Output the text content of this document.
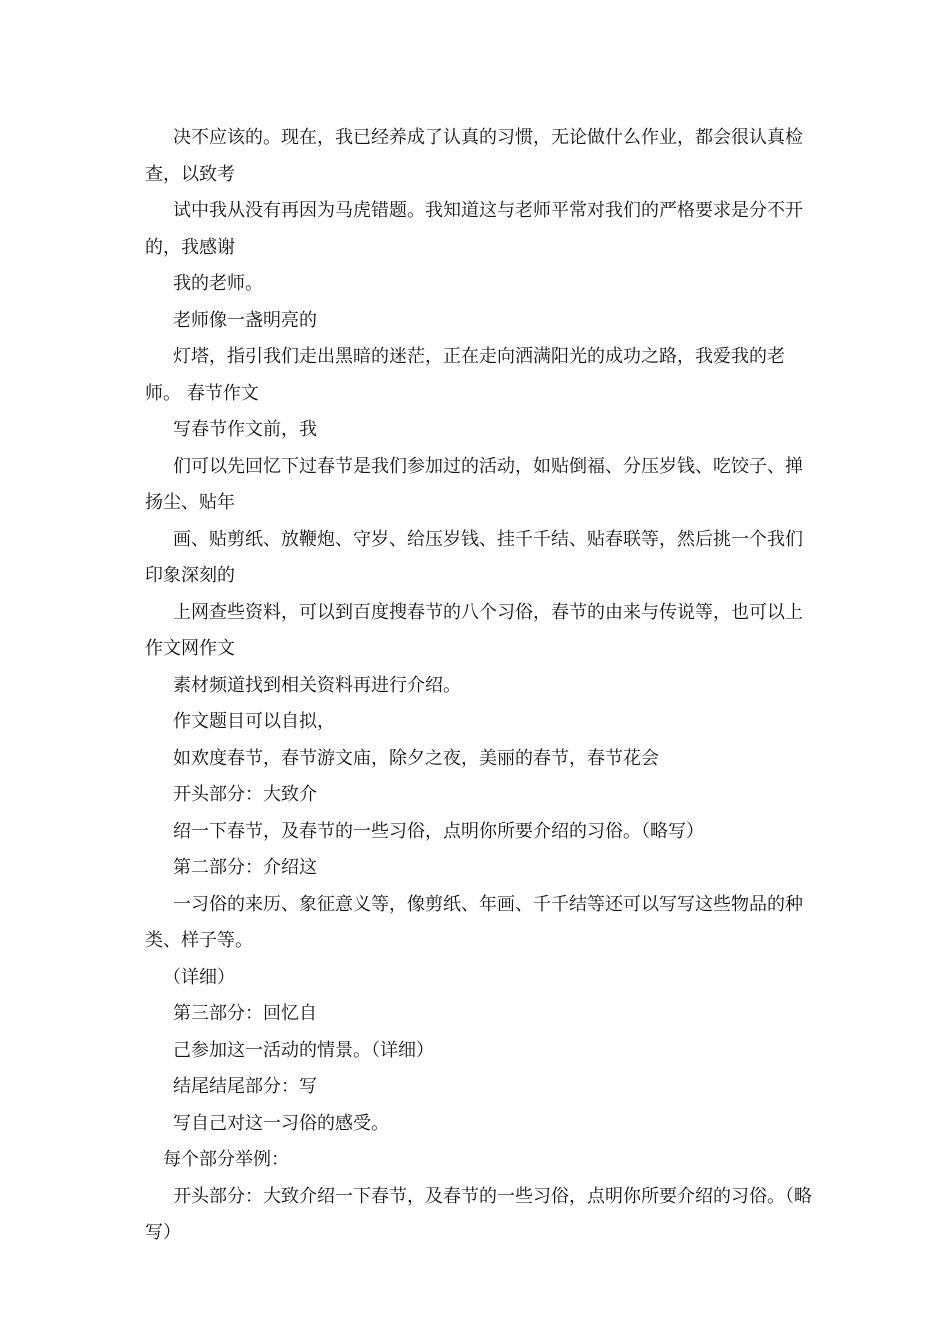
决不应该的。现在，我已经养成了认真的习惯，无论做什么作业，都会很认真检查，以致考

试中我从没有再因为马虎错题。我知道这与老师平常对我们的严格要求是分不开的，我感谢

我的老师。

老师像一盏明亮的

灯塔，指引我们走出黑暗的迷茫，正在走向洒满阳光的成功之路，我爱我的老师。 春节作文

写春节作文前，我

们可以先回忆下过春节是我们参加过的活动，如贴倒福、分压岁钱、吃饺子、掸扬尘、贴年

画、贴剪纸、放鞭炮、守岁、给压岁钱、挂千千结、贴春联等，然后挑一个我们印象深刻的

上网查些资料，可以到百度搜春节的八个习俗，春节的由来与传说等，也可以上作文网作文

素材频道找到相关资料再进行介绍。

作文题目可以自拟，

如欢度春节，春节游文庙，除夕之夜，美丽的春节，春节花会

开头部分：大致介

绍一下春节，及春节的一些习俗，点明你所要介绍的习俗。（略写）

第二部分：介绍这

一习俗的来历、象征意义等，像剪纸、年画、千千结等还可以写写这些物品的种类、样子等。

（详细）

第三部分：回忆自

己参加这一活动的情景。（详细）

结尾结尾部分：写

写自己对这一习俗的感受。

每个部分举例：

开头部分：大致介绍一下春节，及春节的一些习俗，点明你所要介绍的习俗。（略写）
